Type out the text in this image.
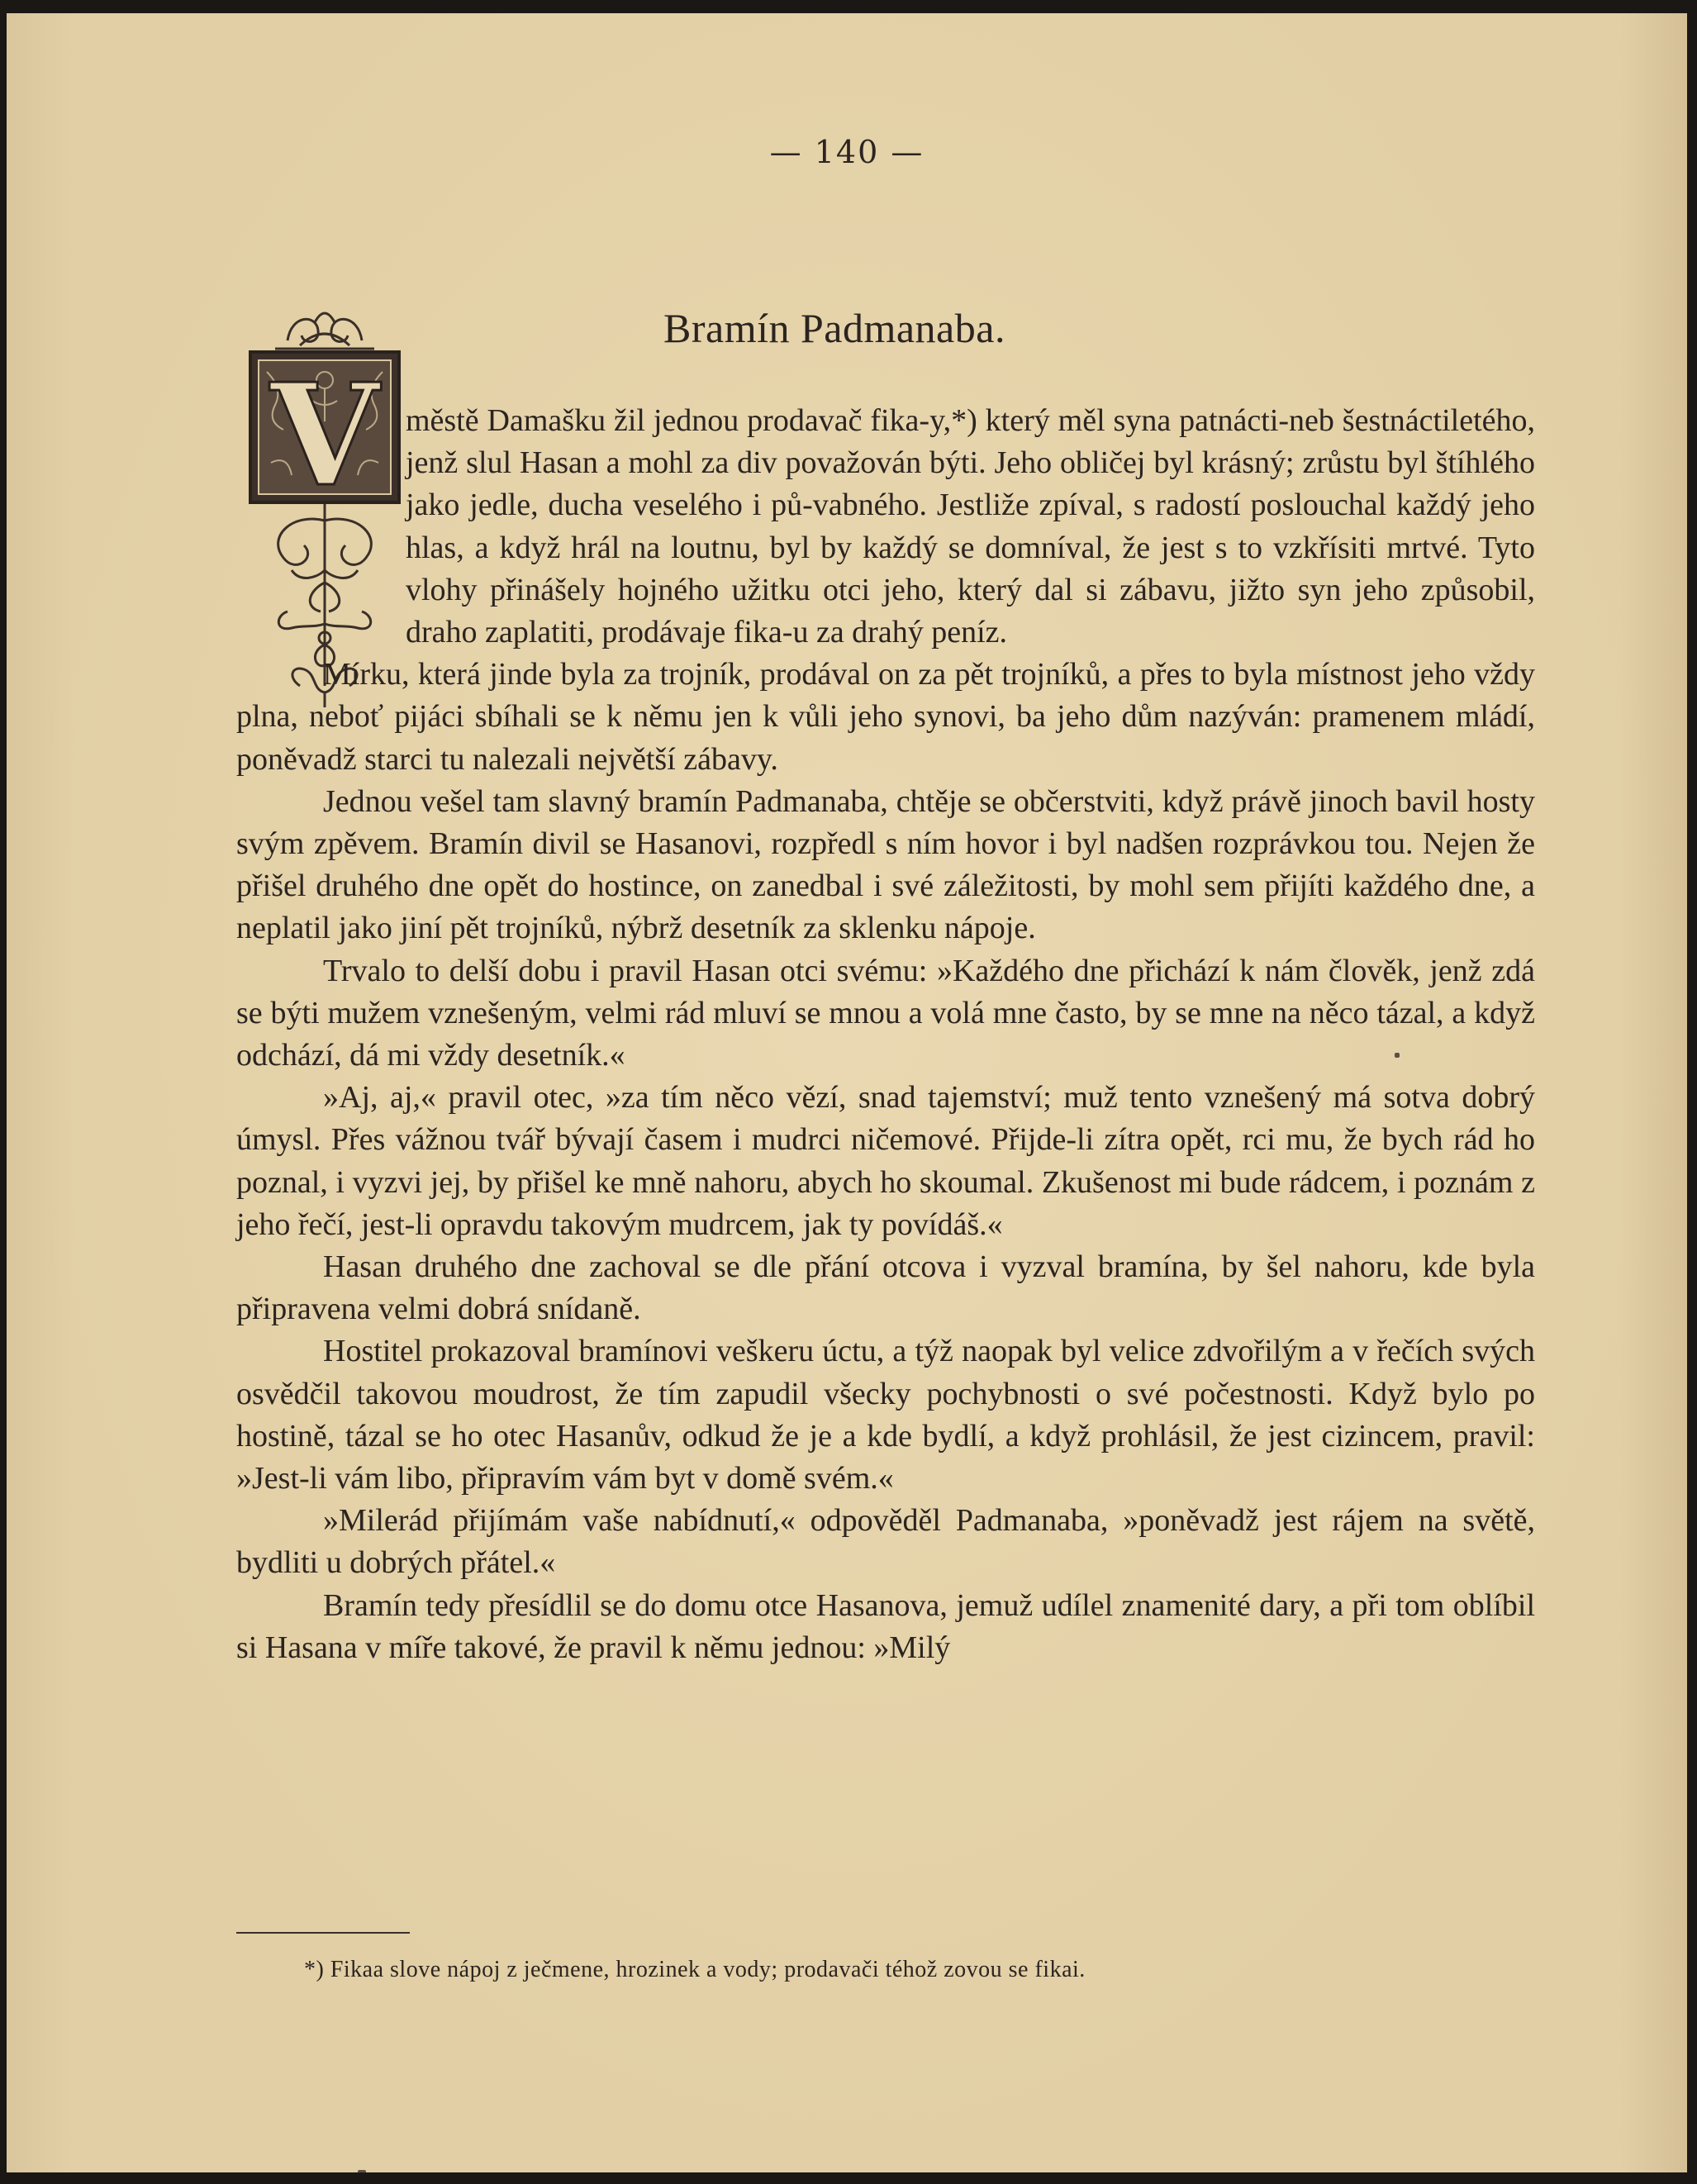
— 140 —
Bramín Padmanaba.
V městě Damašku žil jednou prodavač fika-y,*) který měl syna patnácti-neb šestnáctiletého, jenž slul Hasan a mohl za div považován býti. Jeho obličej byl krásný; zrůstu byl štíhlého jako jedle, ducha veselého i pů-vabného. Jestliže zpíval, s radostí poslouchal každý jeho hlas, a když hrál na loutnu, byl by každý se domníval, že jest s to vzkřísiti mrtvé. Tyto vlohy přinášely hojného užitku otci jeho, který dal si zábavu, jižto syn jeho způsobil, draho zaplatiti, prodávaje fika-u za drahý peníz.

Mírku, která jinde byla za trojník, prodával on za pět trojníků, a přes to byla místnost jeho vždy plna, neboť pijáci sbíhali se k němu jen k vůli jeho synovi, ba jeho dům nazýván: pramenem mládí, poněvadž starci tu nalezali největší zábavy.

Jednou vešel tam slavný bramín Padmanaba, chtěje se občerstviti, když právě jinoch bavil hosty svým zpěvem. Bramín divil se Hasanovi, rozpředl s ním hovor i byl nadšen rozprávkou tou. Nejen že přišel druhého dne opět do hostince, on zanedbal i své záležitosti, by mohl sem přijíti každého dne, a neplatil jako jiní pět trojníků, nýbrž desetník za sklenku nápoje.

Trvalo to delší dobu i pravil Hasan otci svému: »Každého dne přichází k nám člověk, jenž zdá se býti mužem vznešeným, velmi rád mluví se mnou a volá mne často, by se mne na něco tázal, a když odchází, dá mi vždy desetník.«

»Aj, aj,« pravil otec, »za tím něco vězí, snad tajemství; muž tento vznešený má sotva dobrý úmysl. Přes vážnou tvář bývají časem i mudrci ničemové. Přijde-li zítra opět, rci mu, že bych rád ho poznal, i vyzvi jej, by přišel ke mně nahoru, abych ho skoumal. Zkušenost mi bude rádcem, i poznám z jeho řečí, jest-li opravdu takovým mudrcem, jak ty povídáš.«

Hasan druhého dne zachoval se dle přání otcova i vyzval bramína, by šel nahoru, kde byla připravena velmi dobrá snídaně.

Hostitel prokazoval bramínovi veškeru úctu, a týž naopak byl velice zdvořilým a v řečích svých osvědčil takovou moudrost, že tím zapudil všecky pochybnosti o své počestnosti. Když bylo po hostině, tázal se ho otec Hasanův, odkud že je a kde bydlí, a když prohlásil, že jest cizincem, pravil: »Jest-li vám libo, připravím vám byt v domě svém.«

»Milerád přijímám vaše nabídnutí,« odpověděl Padmanaba, »poněvadž jest rájem na světě, bydliti u dobrých přátel.«

Bramín tedy přesídlil se do domu otce Hasanova, jemuž udílel znamenité dary, a při tom oblíbil si Hasana v míře takové, že pravil k němu jednou: »Milý

*) Fikaa slove nápoj z ječmene, hrozinek a vody; prodavači téhož zovou se fikai.
